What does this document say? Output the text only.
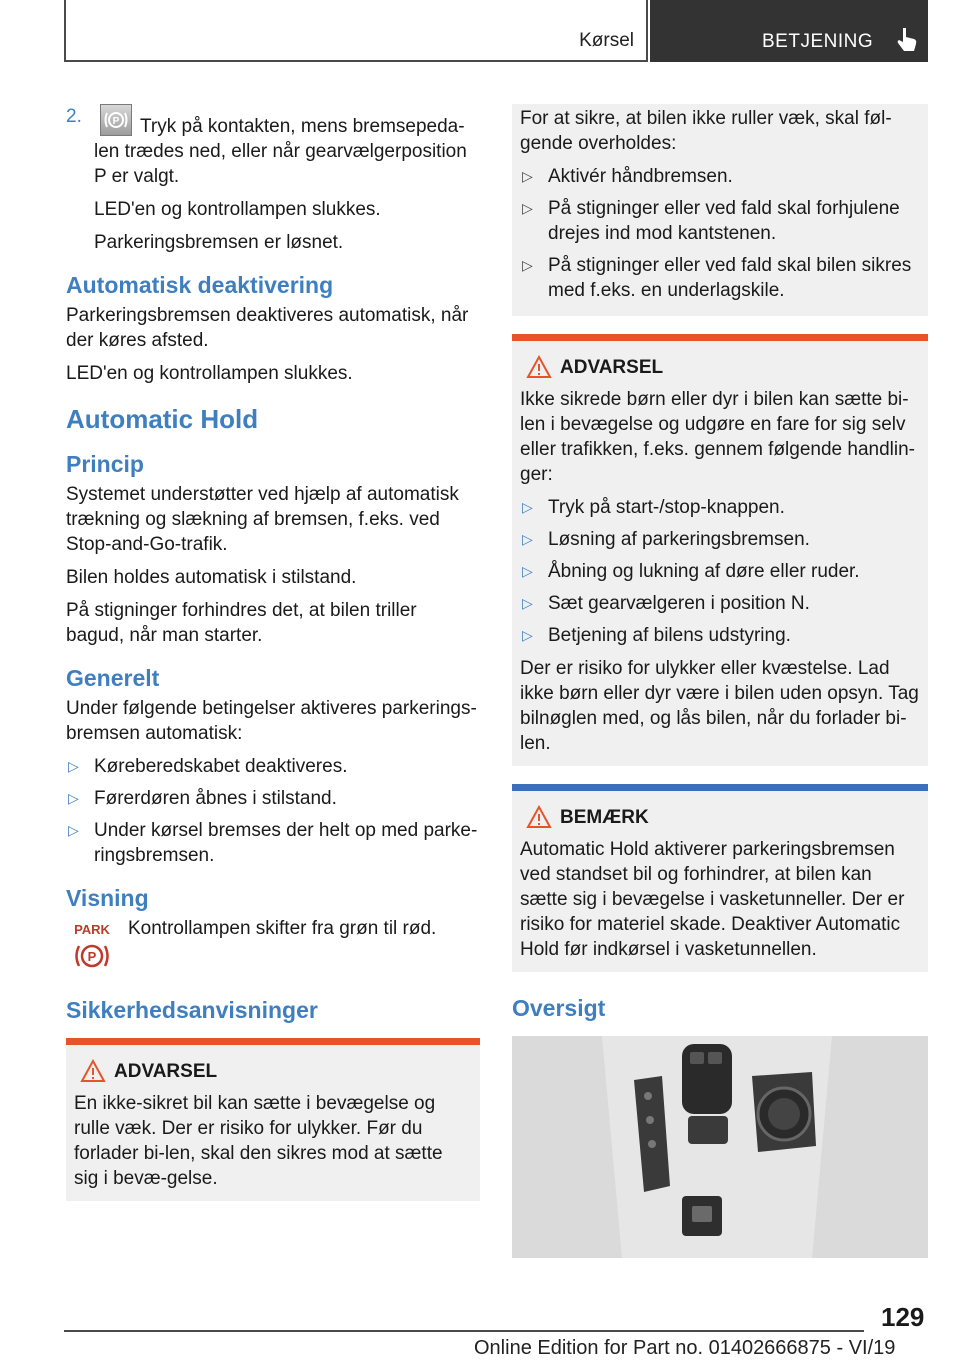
Kørsel	BETJENING
2.	P Tryk på kontakten, mens bremsepeda-len trædes ned, eller når gearvælgerposition P er valgt.

LED'en og kontrollampen slukkes.

Parkeringsbremsen er løsnet.

Automatisk deaktivering

Parkeringsbremsen deaktiveres automatisk, når der køres afsted.

LED'en og kontrollampen slukkes.

Automatic Hold
Princip

Systemet understøtter ved hjælp af automatisk trækning og slækning af bremsen, f.eks. ved Stop-and-Go-trafik.

Bilen holdes automatisk i stilstand.

På stigninger forhindres det, at bilen triller bagud, når man starter.

Generelt

Under følgende betingelser aktiveres parkerings-bremsen automatisk:

▷ Køreberedskabet deaktiveres.
▷ Førerdøren åbnes i stilstand.
▷ Under kørsel bremses der helt op med parke-ringsbremsen.
Visning
PARK
P

Kontrollampen skifter fra grøn til rød.

Sikkerhedsanvisninger
ADVARSEL

En ikke-sikret bil kan sætte i bevægelse og rulle væk. Der er risiko for ulykker. Før du forlader bi-len, skal den sikres mod at sætte sig i bevæ-gelse.

For at sikre, at bilen ikke ruller væk, skal føl-gende overholdes:

▷ Aktivér håndbremsen.
▷ På stigninger eller ved fald skal forhjulene drejes ind mod kantstenen.
▷ På stigninger eller ved fald skal bilen sikres med f.eks. en underlagskile.
ADVARSEL

Ikke sikrede børn eller dyr i bilen kan sætte bi-len i bevægelse og udgøre en fare for sig selv eller trafikken, f.eks. gennem følgende handlin-ger:

▷ Tryk på start-/stop-knappen.
▷ Løsning af parkeringsbremsen.
▷ Åbning og lukning af døre eller ruder.
▷ Sæt gearvælgeren i position N.
▷ Betjening af bilens udstyring.

Der er risiko for ulykker eller kvæstelse. Lad ikke børn eller dyr være i bilen uden opsyn. Tag bilnøglen med, og lås bilen, når du forlader bi-len.

BEMÆRK

Automatic Hold aktiverer parkeringsbremsen ved standset bil og forhindrer, at bilen kan sætte sig i bevægelse i vasketunneller. Der er risiko for materiel skade. Deaktiver Automatic Hold før indkørsel i vasketunnellen.

Oversigt
129
Online Edition for Part no. 01402666875 - VI/19
